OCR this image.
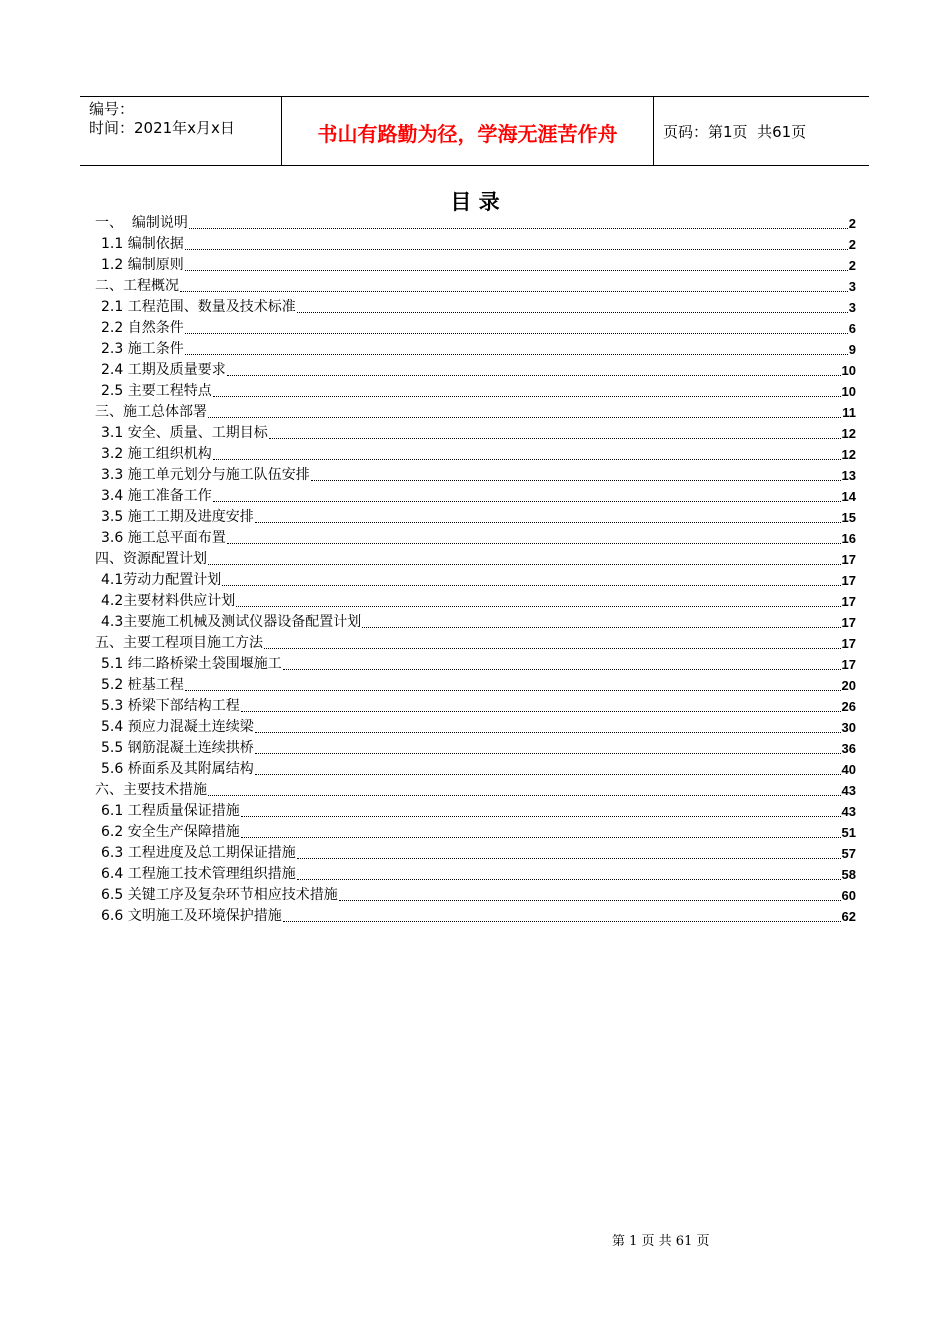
编号：
时间：2021年x月x日	书山有路勤为径，学海无涯苦作舟	页码：第1页  共61页
目 录
一、  编制说明	2
1.1 编制依据	2
1.2 编制原则	2
二、工程概况	3
2.1 工程范围、数量及技术标准	3
2.2 自然条件	6
2.3 施工条件	9
2.4 工期及质量要求	10
2.5 主要工程特点	10
三、施工总体部署	11
3.1 安全、质量、工期目标	12
3.2 施工组织机构	12
3.3 施工单元划分与施工队伍安排	13
3.4 施工准备工作	14
3.5 施工工期及进度安排	15
3.6 施工总平面布置	16
四、资源配置计划	17
4.1劳动力配置计划	17
4.2主要材料供应计划	17
4.3主要施工机械及测试仪器设备配置计划	17
五、主要工程项目施工方法	17
5.1 纬二路桥梁土袋围堰施工	17
5.2 桩基工程	20
5.3 桥梁下部结构工程	26
5.4 预应力混凝土连续梁	30
5.5 钢筋混凝土连续拱桥	36
5.6 桥面系及其附属结构	40
六、主要技术措施	43
6.1 工程质量保证措施	43
6.2 安全生产保障措施	51
6.3 工程进度及总工期保证措施	57
6.4 工程施工技术管理组织措施	58
6.5 关键工序及复杂环节相应技术措施	60
6.6 文明施工及环境保护措施	62
第 1 页 共 61 页
